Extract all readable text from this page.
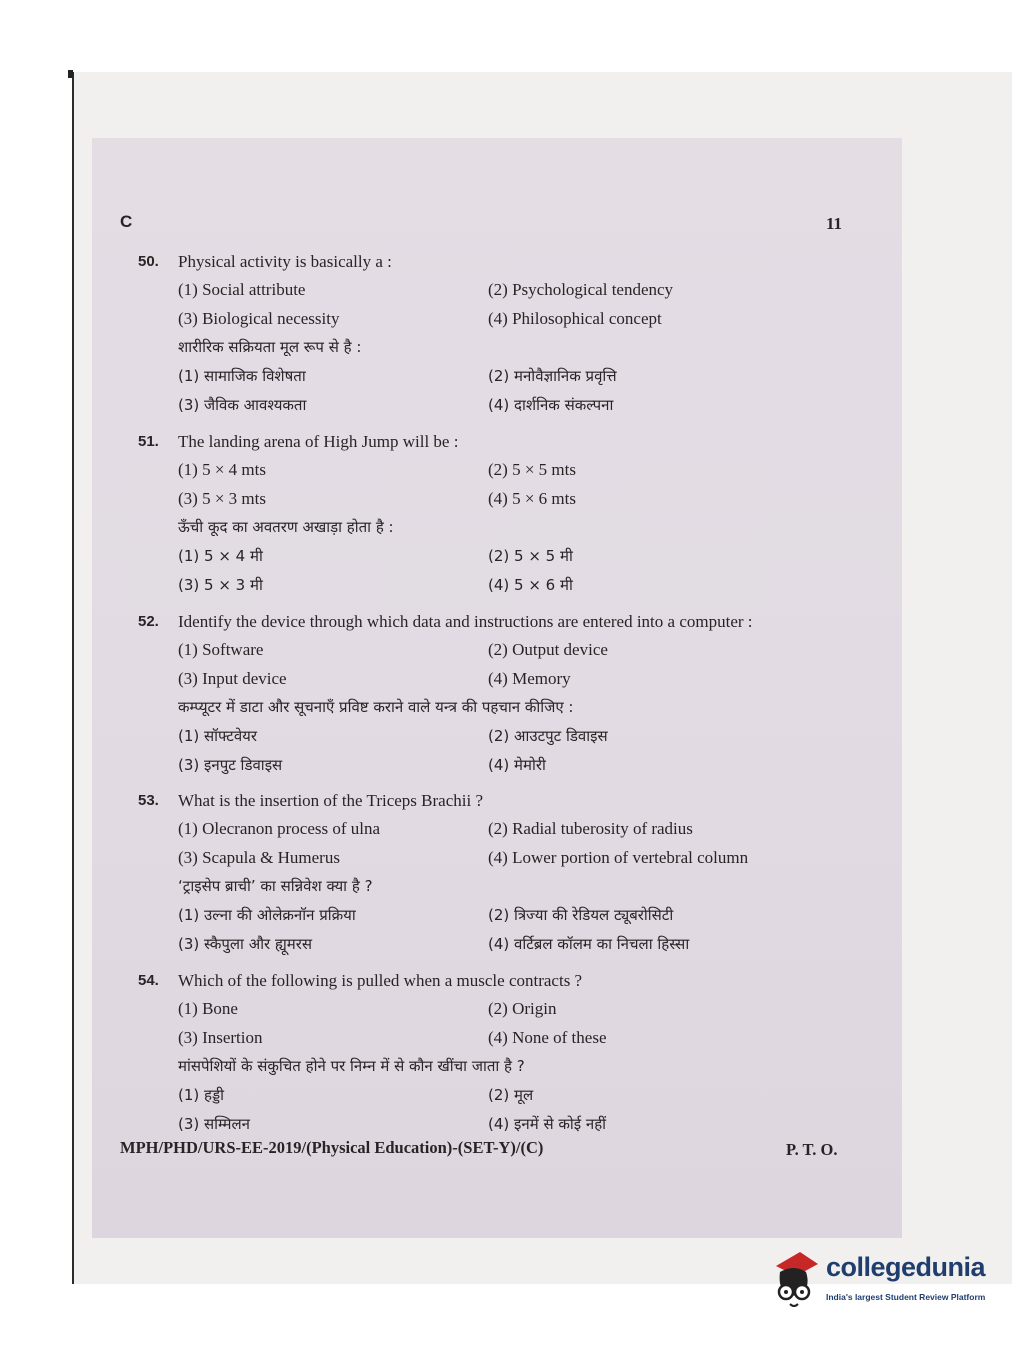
C	11
50. Physical activity is basically a :
(1) Social attribute	(2) Psychological tendency
(3) Biological necessity	(4) Philosophical concept
शारीरिक सक्रियता मूल रूप से है :
(1) सामाजिक विशेषता	(2) मनोवैज्ञानिक प्रवृत्ति
(3) जैविक आवश्यकता	(4) दार्शनिक संकल्पना
51. The landing arena of High Jump will be :
(1) 5 × 4 mts	(2) 5 × 5 mts
(3) 5 × 3 mts	(4) 5 × 6 mts
ऊँची कूद का अवतरण अखाड़ा होता है :
(1) 5 × 4 मी	(2) 5 × 5 मी
(3) 5 × 3 मी	(4) 5 × 6 मी
52. Identify the device through which data and instructions are entered into a computer :
(1) Software	(2) Output device
(3) Input device	(4) Memory
कम्प्यूटर में डाटा और सूचनाएँ प्रविष्ट कराने वाले यन्त्र की पहचान कीजिए :
(1) सॉफ्टवेयर	(2) आउटपुट डिवाइस
(3) इनपुट डिवाइस	(4) मेमोरी
53. What is the insertion of the Triceps Brachii ?
(1) Olecranon process of ulna	(2) Radial tuberosity of radius
(3) Scapula & Humerus	(4) Lower portion of vertebral column
‘ट्राइसेप ब्राची’ का सन्निवेश क्या है ?
(1) उल्ना की ओलेक्रनॉन प्रक्रिया	(2) त्रिज्या की रेडियल ट्यूबरोसिटी
(3) स्कैपुला और ह्यूमरस	(4) वर्टिब्रल कॉलम का निचला हिस्सा
54. Which of the following is pulled when a muscle contracts ?
(1) Bone	(2) Origin
(3) Insertion	(4) None of these
मांसपेशियों के संकुचित होने पर निम्न में से कौन खींचा जाता है ?
(1) हड्डी	(2) मूल
(3) सम्मिलन	(4) इनमें से कोई नहीं
MPH/PHD/URS-EE-2019/(Physical Education)-(SET-Y)/(C)	P. T. O.
collegedunia
India's largest Student Review Platform
